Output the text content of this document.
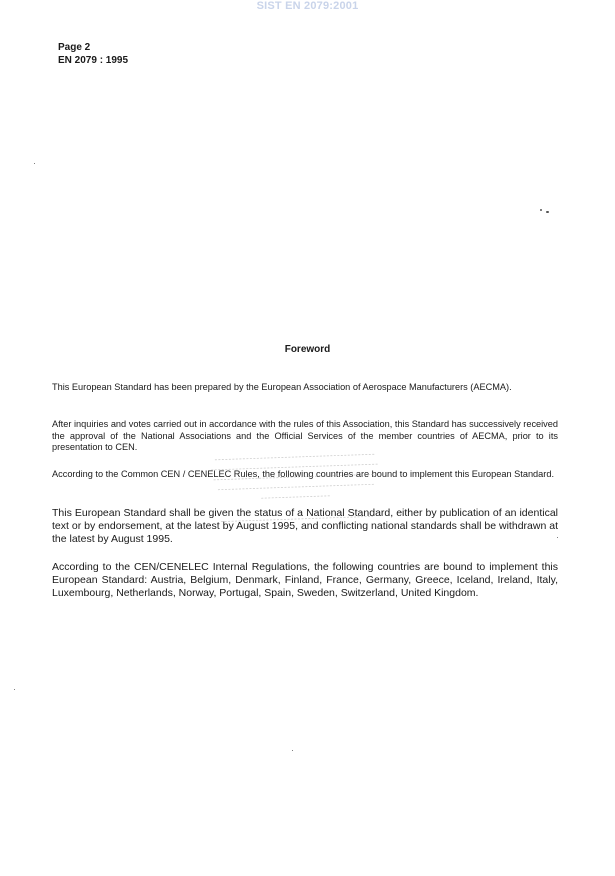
SIST EN 2079:2001
Page 2
EN 2079 : 1995
Foreword
This European Standard has been prepared by the European Association of Aerospace Manufacturers (AECMA).
After inquiries and votes carried out in accordance with the rules of this Association, this Standard has successively received the approval of the National Associations and the Official Services of the member countries of AECMA, prior to its presentation to CEN.
According to the Common CEN / CENELEC Rules, the following countries are bound to implement this European Standard.
This European Standard shall be given the status of a National Standard, either by publication of an identical text or by endorsement, at the latest by August 1995, and conflicting national standards shall be withdrawn at the latest by August 1995.
According to the CEN/CENELEC Internal Regulations, the following countries are bound to implement this European Standard: Austria, Belgium, Denmark, Finland, France, Germany, Greece, Iceland, Ireland, Italy, Luxembourg, Netherlands, Norway, Portugal, Spain, Sweden, Switzerland, United Kingdom.
